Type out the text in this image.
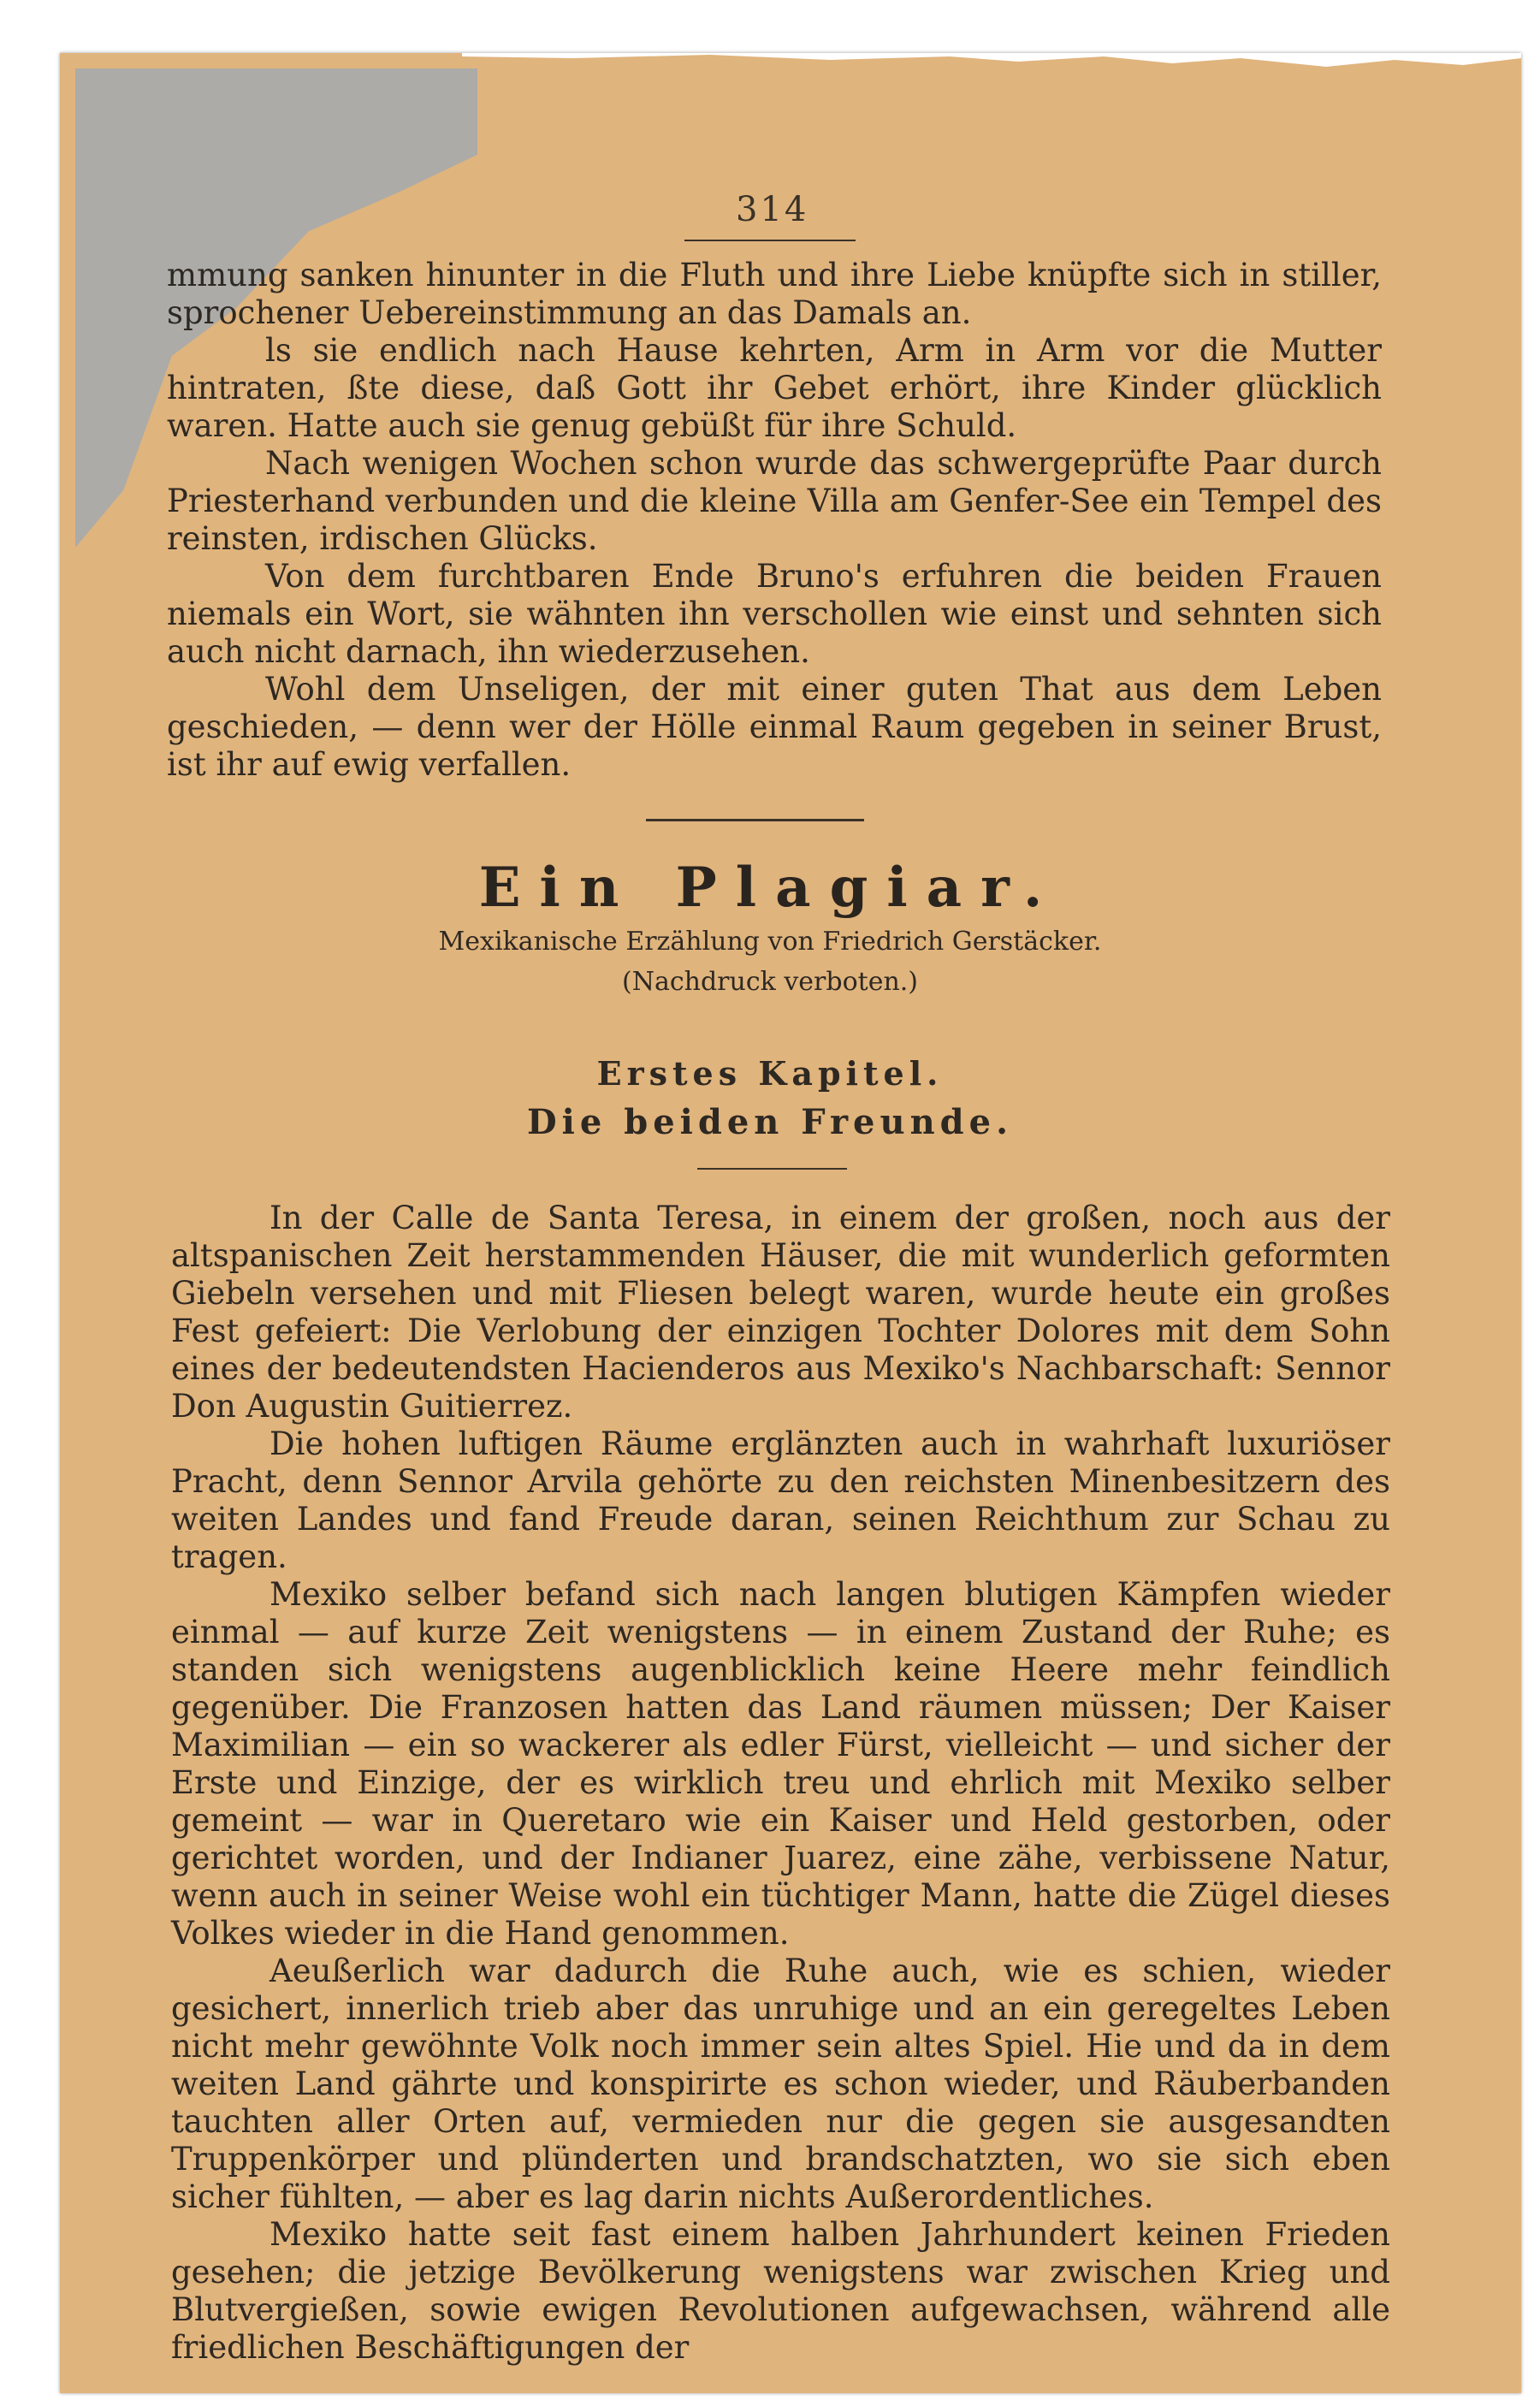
314

mmung sanken hinunter in die Fluth und ihre Liebe knüpfte sich in stiller, sprochener Uebereinstimmung an das Damals an.

ls sie endlich nach Hause kehrten, Arm in Arm vor die Mutter hintraten, ßte diese, daß Gott ihr Gebet erhört, ihre Kinder glücklich waren. Hatte auch sie genug gebüßt für ihre Schuld.

Nach wenigen Wochen schon wurde das schwergeprüfte Paar durch Priesterhand verbunden und die kleine Villa am Genfer-See ein Tempel des reinsten, irdischen Glücks.

Von dem furchtbaren Ende Bruno's erfuhren die beiden Frauen niemals ein Wort, sie wähnten ihn verschollen wie einst und sehnten sich auch nicht darnach, ihn wiederzusehen.

Wohl dem Unseligen, der mit einer guten That aus dem Leben geschieden, — denn wer der Hölle einmal Raum gegeben in seiner Brust, ist ihr auf ewig verfallen.

Ein Plagiar.
Mexikanische Erzählung von Friedrich Gerstäcker.
(Nachdruck verboten.)
Erstes Kapitel.
Die beiden Freunde.

In der Calle de Santa Teresa, in einem der großen, noch aus der altspanischen Zeit herstammenden Häuser, die mit wunderlich geformten Giebeln versehen und mit Fliesen belegt waren, wurde heute ein großes Fest gefeiert: Die Verlobung der einzigen Tochter Dolores mit dem Sohn eines der bedeutendsten Hacienderos aus Mexiko's Nachbarschaft: Sennor Don Augustin Guitierrez.

Die hohen luftigen Räume erglänzten auch in wahrhaft luxuriöser Pracht, denn Sennor Arvila gehörte zu den reichsten Minenbesitzern des weiten Landes und fand Freude daran, seinen Reichthum zur Schau zu tragen.

Mexiko selber befand sich nach langen blutigen Kämpfen wieder einmal — auf kurze Zeit wenigstens — in einem Zustand der Ruhe; es standen sich wenigstens augenblicklich keine Heere mehr feindlich gegenüber. Die Franzosen hatten das Land räumen müssen; Der Kaiser Maximilian — ein so wackerer als edler Fürst, vielleicht — und sicher der Erste und Einzige, der es wirklich treu und ehrlich mit Mexiko selber gemeint — war in Queretaro wie ein Kaiser und Held gestorben, oder gerichtet worden, und der Indianer Juarez, eine zähe, verbissene Natur, wenn auch in seiner Weise wohl ein tüchtiger Mann, hatte die Zügel dieses Volkes wieder in die Hand genommen.

Aeußerlich war dadurch die Ruhe auch, wie es schien, wieder gesichert, innerlich trieb aber das unruhige und an ein geregeltes Leben nicht mehr gewöhnte Volk noch immer sein altes Spiel. Hie und da in dem weiten Land gährte und konspirirte es schon wieder, und Räuberbanden tauchten aller Orten auf, vermieden nur die gegen sie ausgesandten Truppenkörper und plünderten und brandschatzten, wo sie sich eben sicher fühlten, — aber es lag darin nichts Außerordentliches.

Mexiko hatte seit fast einem halben Jahrhundert keinen Frieden gesehen; die jetzige Bevölkerung wenigstens war zwischen Krieg und Blutvergießen, sowie ewigen Revolutionen aufgewachsen, während alle friedlichen Beschäftigungen der
